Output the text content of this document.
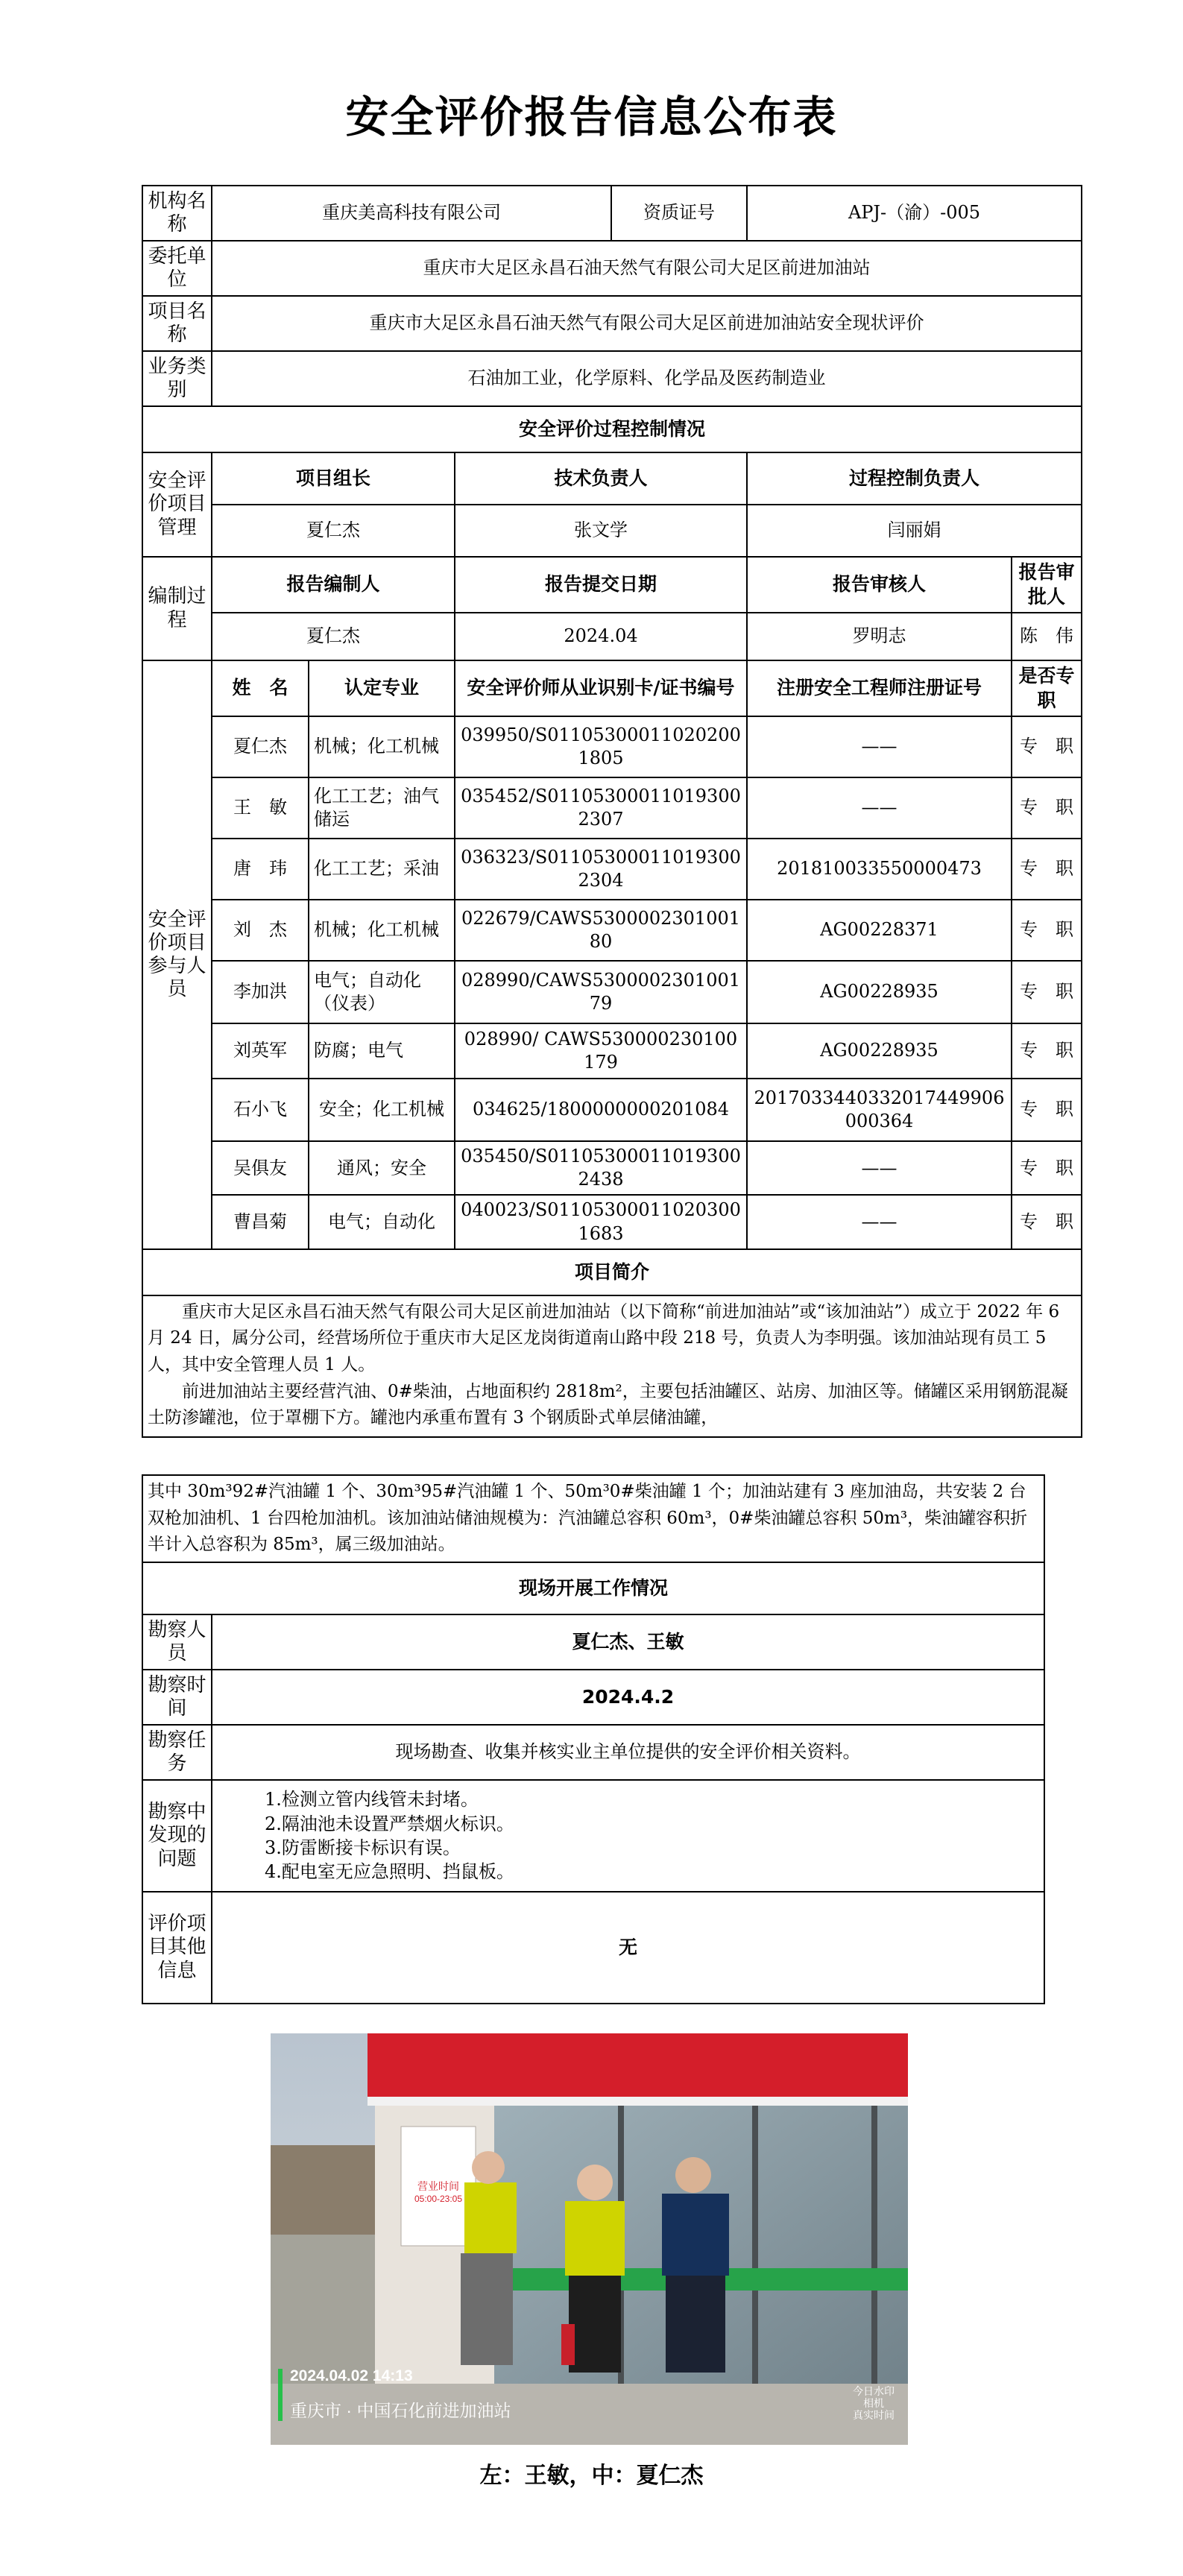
安全评价报告信息公布表
机构名称	重庆美高科技有限公司			资质证号	APJ-（渝）-005	
委托单位	重庆市大足区永昌石油天然气有限公司大足区前进加油站					
项目名称	重庆市大足区永昌石油天然气有限公司大足区前进加油站安全现状评价					
业务类别	石油加工业，化学原料、化学品及医药制造业					
安全评价过程控制情况						
安全评价项目管理	项目组长		技术负责人		过程控制负责人	
	夏仁杰		张文学		闫丽娟	
编制过程	报告编制人		报告提交日期		报告审核人	报告审批人
	夏仁杰		2024.04		罗明志	陈　伟
安全评价项目参与人员	姓　名	认定专业	安全评价师从业识别卡/证书编号		注册安全工程师注册证号	是否专职
	夏仁杰	机械；化工机械	039950/S011053000110202001805		——	专　职
	王　敏	化工工艺；油气储运	035452/S011053000110193002307		——	专　职
	唐　玮	化工工艺；采油	036323/S011053000110193002304		201810033550000473	专　职
	刘　杰	机械；化工机械	022679/CAWS530000230100180		AG00228371	专　职
	李加洪	电气；自动化（仪表）	028990/CAWS530000230100179		AG00228935	专　职
	刘英军	防腐；电气	028990/ CAWS530000230100179		AG00228935	专　职
	石小飞	安全；化工机械	034625/1800000000201084		2017033440332017449906000364	专　职
	吴俱友	通风；安全	035450/S011053000110193002438		——	专　职
	曹昌菊	电气；自动化	040023/S011053000110203001683		——	专　职
项目简介						

重庆市大足区永昌石油天然气有限公司大足区前进加油站（以下简称“前进加油站”或“该加油站”）成立于 2022 年 6 月 24 日，属分公司，经营场所位于重庆市大足区龙岗街道南山路中段 218 号，负责人为李明强。该加油站现有员工 5 人，其中安全管理人员 1 人。
前进加油站主要经营汽油、0#柴油，占地面积约 2818m²，主要包括油罐区、站房、加油区等。储罐区采用钢筋混凝土防渗罐池，位于罩棚下方。罐池内承重布置有 3 个钢质卧式单层储油罐，						
其中 30m³92#汽油罐 1 个、30m³95#汽油罐 1 个、50m³0#柴油罐 1 个；加油站建有 3 座加油岛，共安装 2 台双枪加油机、1 台四枪加油机。该加油站储油规模为：汽油罐总容积 60m³，0#柴油罐总容积 50m³，柴油罐容积折半计入总容积为 85m³，属三级加油站。	
现场开展工作情况	
勘察人员	夏仁杰、王敏
勘察时间	2024.4.2
勘察任务	现场勘查、收集并核实业主单位提供的安全评价相关资料。
勘察中发现的问题	1.检测立管内线管未封堵。
2.隔油池未设置严禁烟火标识。
3.防雷断接卡标识有误。
4.配电室无应急照明、挡鼠板。

评价项目其他信息	无
2024.04.02 14:13
重庆市 · 中国石化前进加油站
今日水印
相机
真实时间
营业时间
05:00-23:05
左：王敏，中：夏仁杰
